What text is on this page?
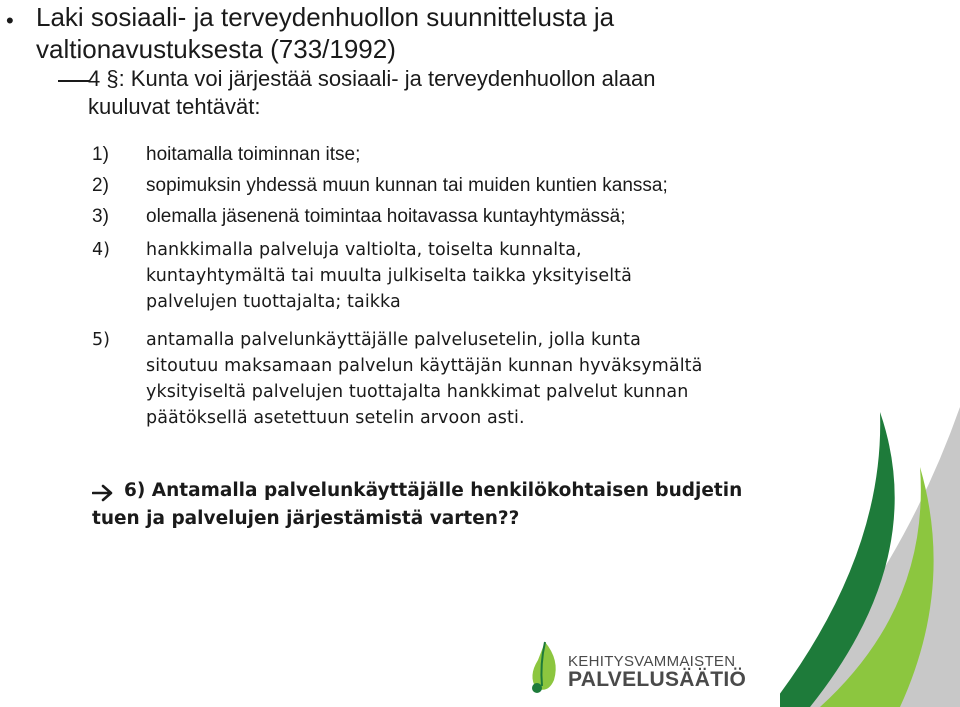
• Laki sosiaali- ja terveydenhuollon suunnittelusta ja
valtionavustuksesta (733/1992)
4 §: Kunta voi järjestää sosiaali- ja terveydenhuollon alaan
kuuluvat tehtävät:
1) hoitamalla toiminnan itse;
2) sopimuksin yhdessä muun kunnan tai muiden kuntien kanssa;
3) olemalla jäsenenä toimintaa hoitavassa kuntayhtymässä;
4) hankkimalla palveluja valtiolta, toiselta kunnalta,
kuntayhtymältä tai muulta julkiselta taikka yksityiseltä
palvelujen tuottajalta; taikka
5) antamalla palvelunkäyttäjälle palvelusetelin, jolla kunta
sitoutuu maksamaan palvelun käyttäjän kunnan hyväksymältä
yksityiseltä palvelujen tuottajalta hankkimat palvelut kunnan
päätöksellä asetettuun setelin arvoon asti.
6) Antamalla palvelunkäyttäjälle henkilökohtaisen budjetin
tuen ja palvelujen järjestämistä varten??
KEHITYSVAMMAISTEN
PALVELUSÄÄTIÖ
